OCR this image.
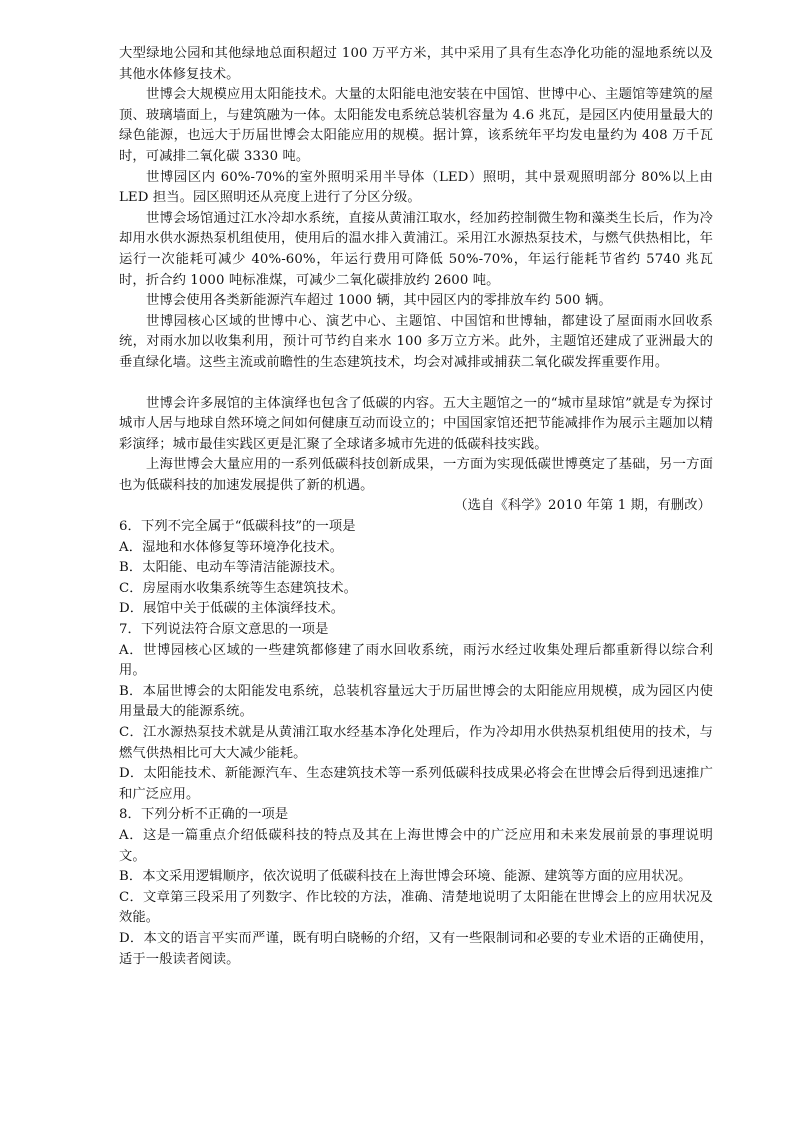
大型绿地公园和其他绿地总面积超过 100 万平方米，其中采用了具有生态净化功能的湿地系统以及其他水体修复技术。

世博会大规模应用太阳能技术。大量的太阳能电池安装在中国馆、世博中心、主题馆等建筑的屋顶、玻璃墙面上，与建筑融为一体。太阳能发电系统总装机容量为 4.6 兆瓦，是园区内使用量最大的绿色能源，也远大于历届世博会太阳能应用的规模。据计算，该系统年平均发电量约为 408 万千瓦时，可减排二氧化碳 3330 吨。

世博园区内 60%-70%的室外照明采用半导体（LED）照明，其中景观照明部分 80%以上由 LED 担当。园区照明还从亮度上进行了分区分级。

世博会场馆通过江水冷却水系统，直接从黄浦江取水，经加药控制微生物和藻类生长后，作为冷却用水供水源热泵机组使用，使用后的温水排入黄浦江。采用江水源热泵技术，与燃气供热相比，年运行一次能耗可减少 40%-60%，年运行费用可降低 50%-70%，年运行能耗节省约 5740 兆瓦时，折合约 1000 吨标准煤，可减少二氧化碳排放约 2600 吨。

世博会使用各类新能源汽车超过 1000 辆，其中园区内的零排放车约 500 辆。

世博园核心区域的世博中心、演艺中心、主题馆、中国馆和世博轴，都建设了屋面雨水回收系统，对雨水加以收集利用，预计可节约自来水 100 多万立方米。此外，主题馆还建成了亚洲最大的垂直绿化墙。这些主流或前瞻性的生态建筑技术，均会对减排或捕获二氧化碳发挥重要作用。

世博会许多展馆的主体演绎也包含了低碳的内容。五大主题馆之一的“城市星球馆”就是专为探讨城市人居与地球自然环境之间如何健康互动而设立的；中国国家馆还把节能减排作为展示主题加以精彩演绎；城市最佳实践区更是汇聚了全球诸多城市先进的低碳科技实践。

上海世博会大量应用的一系列低碳科技创新成果，一方面为实现低碳世博奠定了基础，另一方面也为低碳科技的加速发展提供了新的机遇。

（选自《科学》2010 年第 1 期，有删改）

6．下列不完全属于“低碳科技”的一项是

A．湿地和水体修复等环境净化技术。

B．太阳能、电动车等清洁能源技术。

C．房屋雨水收集系统等生态建筑技术。

D．展馆中关于低碳的主体演绎技术。

7．下列说法符合原文意思的一项是

A．世博园核心区域的一些建筑都修建了雨水回收系统，雨污水经过收集处理后都重新得以综合利用。

B．本届世博会的太阳能发电系统，总装机容量远大于历届世博会的太阳能应用规模，成为园区内使用量最大的能源系统。

C．江水源热泵技术就是从黄浦江取水经基本净化处理后，作为冷却用水供热泵机组使用的技术，与燃气供热相比可大大减少能耗。

D．太阳能技术、新能源汽车、生态建筑技术等一系列低碳科技成果必将会在世博会后得到迅速推广和广泛应用。

8．下列分析不正确的一项是

A．这是一篇重点介绍低碳科技的特点及其在上海世博会中的广泛应用和未来发展前景的事理说明文。

B．本文采用逻辑顺序，依次说明了低碳科技在上海世博会环境、能源、建筑等方面的应用状况。

C．文章第三段采用了列数字、作比较的方法，准确、清楚地说明了太阳能在世博会上的应用状况及效能。

D．本文的语言平实而严谨，既有明白晓畅的介绍，又有一些限制词和必要的专业术语的正确使用，适于一般读者阅读。
